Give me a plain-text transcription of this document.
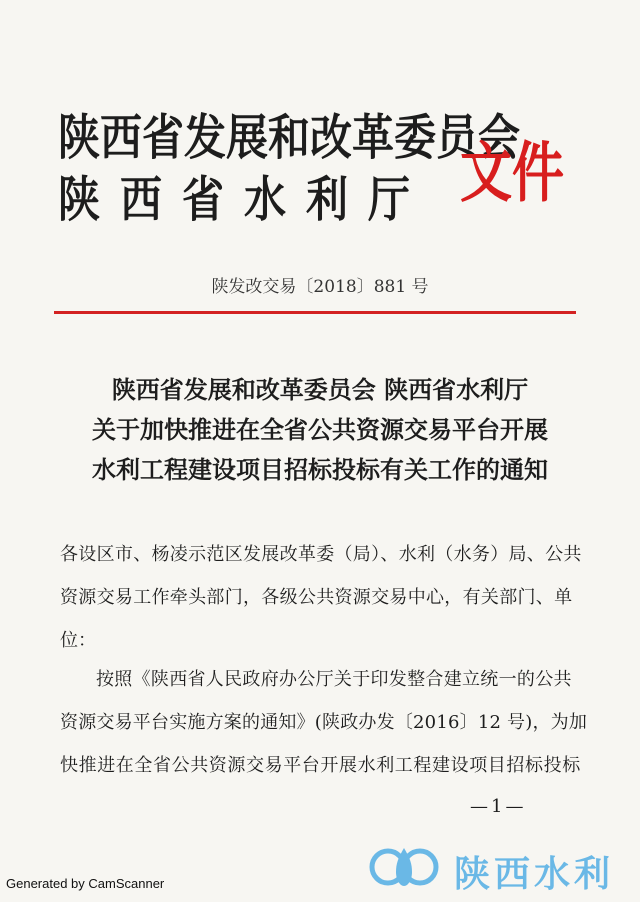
陕西省发展和改革委员会
陕西省水利厅 文件
陕发改交易〔2018〕881 号
陕西省发展和改革委员会 陕西省水利厅
关于加快推进在全省公共资源交易平台开展
水利工程建设项目招标投标有关工作的通知
各设区市、杨凌示范区发展改革委（局）、水利（水务）局、公共
资源交易工作牵头部门，各级公共资源交易中心，有关部门、单
位：
按照《陕西省人民政府办公厅关于印发整合建立统一的公共
资源交易平台实施方案的通知》(陕政办发〔2016〕12 号)，为加
快推进在全省公共资源交易平台开展水利工程建设项目招标投标
—1—
Generated by CamScanner	陕西水利
